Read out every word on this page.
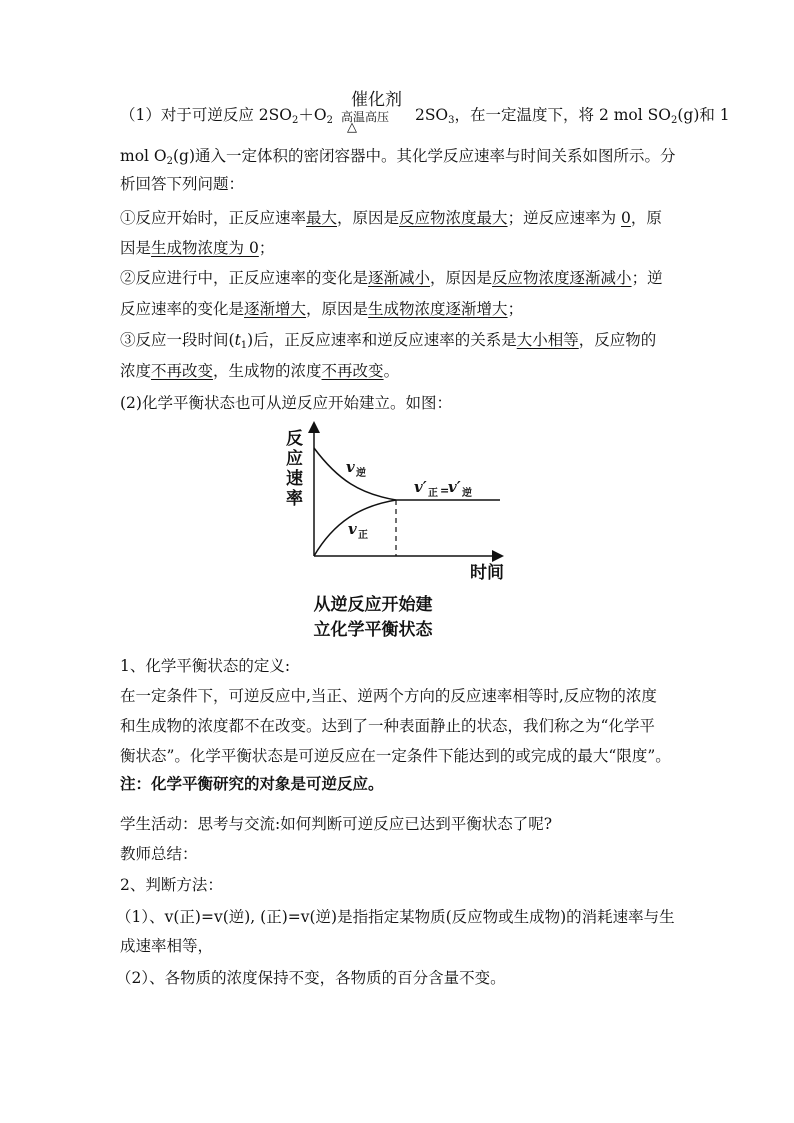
（1）对于可逆反应 $2SO_2+O_2$
催化剂
高温高压
△
$2SO_3$，在一定温度下，将 2 mol $SO_2(g)$和 1
mol $O_2(g)$通入一定体积的密闭容器中。其化学反应速率与时间关系如图所示。分
析回答下列问题：
①反应开始时，正反应速率最大，原因是反应物浓度最大；逆反应速率为 0，原
因是生成物浓度为 0；
②反应进行中，正反应速率的变化是逐渐减小，原因是反应物浓度逐渐减小；逆
反应速率的变化是逐渐增大，原因是生成物浓度逐渐增大；
③反应一段时间$(t_1)$后，正反应速率和逆反应速率的关系是大小相等，反应物的
浓度不再改变，生成物的浓度不再改变。
(2)化学平衡状态也可从逆反应开始建立。如图：
反
应
速
率
时间
v 逆
v 正
v′ 正 =
v′ 逆
从逆反应开始建
立化学平衡状态
1、化学平衡状态的定义:
在一定条件下，可逆反应中,当正、逆两个方向的反应速率相等时,反应物的浓度
和生成物的浓度都不在改变。达到了一种表面静止的状态，我们称之为“化学平
衡状态”。化学平衡状态是可逆反应在一定条件下能达到的或完成的最大“限度”。
注：化学平衡研究的对象是可逆反应。
学生活动：思考与交流:如何判断可逆反应已达到平衡状态了呢?
教师总结：
2、判断方法：
（1）、v(正)=v(逆), (正)=v(逆)是指指定某物质(反应物或生成物)的消耗速率与生
成速率相等，
（2）、各物质的浓度保持不变，各物质的百分含量不变。
